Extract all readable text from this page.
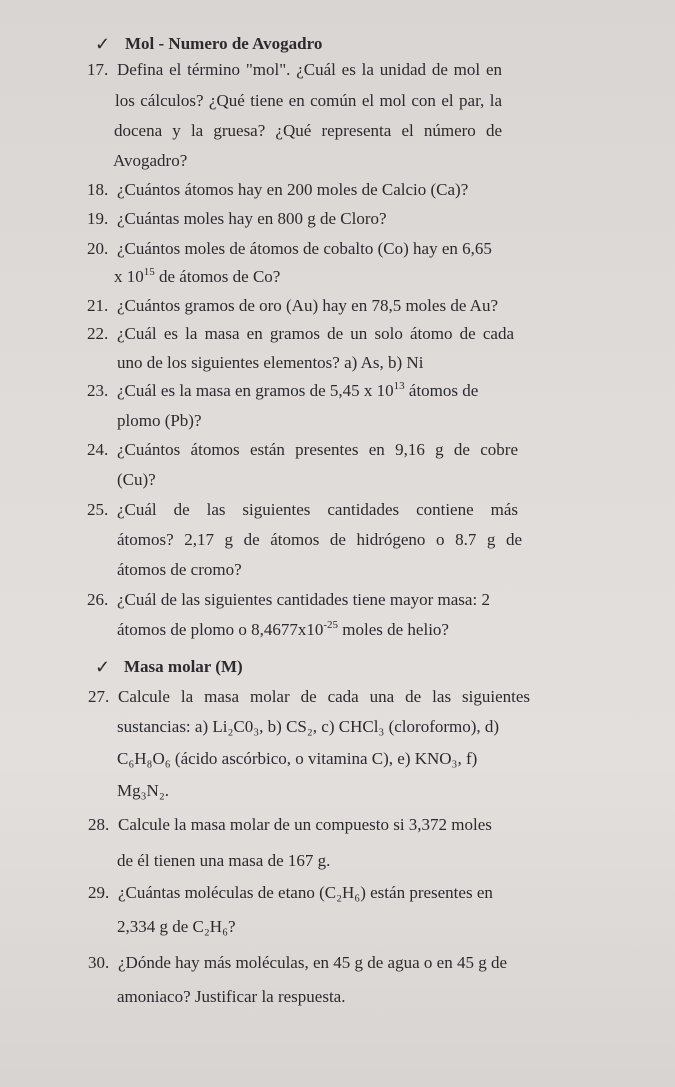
✓ Mol - Numero de Avogadro
17. Defina el término "mol". ¿Cuál es la unidad de mol en
los cálculos? ¿Qué tiene en común el mol con el par, la
docena y la gruesa? ¿Qué representa el número de
Avogadro?
18. ¿Cuántos átomos hay en 200 moles de Calcio (Ca)?
19. ¿Cuántas moles hay en 800 g de Cloro?
20. ¿Cuántos moles de átomos de cobalto (Co) hay en 6,65
x $10^{15}$ de átomos de Co?
21. ¿Cuántos gramos de oro (Au) hay en 78,5 moles de Au?
22. ¿Cuál es la masa en gramos de un solo átomo de cada
uno de los siguientes elementos? a) As, b) Ni
23. ¿Cuál es la masa en gramos de 5,45 x $10^{13}$ átomos de
plomo (Pb)?
24. ¿Cuántos átomos están presentes en 9,16 g de cobre
(Cu)?
25. ¿Cuál de las siguientes cantidades contiene más
átomos? 2,17 g de átomos de hidrógeno o 8.7 g de
átomos de cromo?
26. ¿Cuál de las siguientes cantidades tiene mayor masa: 2
átomos de plomo o $8,4677x10^{-25}$ moles de helio?
✓ Masa molar (M)
27. Calcule la masa molar de cada una de las siguientes
sustancias: a) Li₂C0₃, b) CS₂, c) CHCl₃ (cloroformo), d)
C₆H₈O₆ (ácido ascórbico, o vitamina C), e) KNO₃, f)
Mg₃N₂.
28. Calcule la masa molar de un compuesto si 3,372 moles
de él tienen una masa de 167 g.
29. ¿Cuántas moléculas de etano (C₂H₆) están presentes en
2,334 g de C₂H₆?
30. ¿Dónde hay más moléculas, en 45 g de agua o en 45 g de
amoniaco? Justificar la respuesta.
